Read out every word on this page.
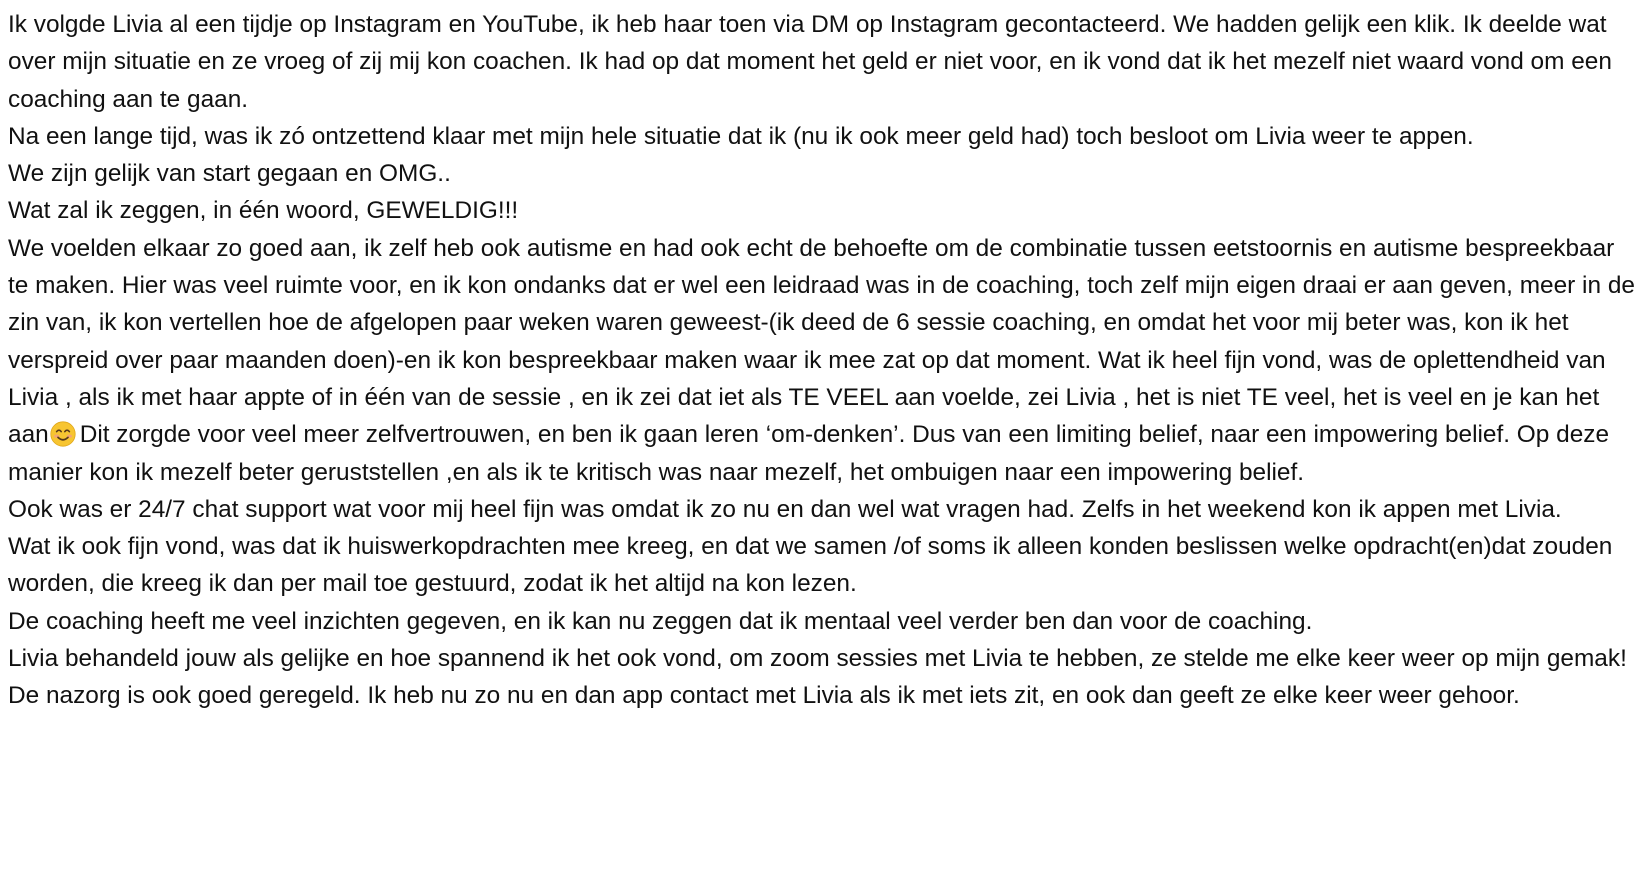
Ik volgde Livia al een tijdje op Instagram en YouTube, ik heb haar toen via DM op Instagram gecontacteerd. We hadden gelijk een klik. Ik deelde wat over mijn situatie en ze vroeg of zij mij kon coachen. Ik had op dat moment het geld er niet voor, en ik vond dat ik het mezelf niet waard vond om een coaching aan te gaan.

Na een lange tijd, was ik zó ontzettend klaar met mijn hele situatie dat ik (nu ik ook meer geld had) toch besloot om Livia weer te appen.

We zijn gelijk van start gegaan en OMG..

Wat zal ik zeggen, in één woord, GEWELDIG!!!

We voelden elkaar zo goed aan, ik zelf heb ook autisme en had ook echt de behoefte om de combinatie tussen eetstoornis en autisme bespreekbaar te maken. Hier was veel ruimte voor, en ik kon ondanks dat er wel een leidraad was in de coaching, toch zelf mijn eigen draai er aan geven, meer in de zin van, ik kon vertellen hoe de afgelopen paar weken waren geweest-(ik deed de 6 sessie coaching, en omdat het voor mij beter was, kon ik het verspreid over paar maanden doen)-en ik kon bespreekbaar maken waar ik mee zat op dat moment. Wat ik heel fijn vond, was de oplettendheid van Livia , als ik met haar appte of in één van de sessie , en ik zei dat iet als TE VEEL aan voelde, zei Livia , het is niet TE veel, het is veel en je kan het aan Dit zorgde voor veel meer zelfvertrouwen, en ben ik gaan leren ‘om-denken’. Dus van een limiting belief, naar een impowering belief. Op deze manier kon ik mezelf beter geruststellen ,en als ik te kritisch was naar mezelf, het ombuigen naar een impowering belief.

Ook was er 24/7 chat support wat voor mij heel fijn was omdat ik zo nu en dan wel wat vragen had. Zelfs in het weekend kon ik appen met Livia.

Wat ik ook fijn vond, was dat ik huiswerkopdrachten mee kreeg, en dat we samen /of soms ik alleen konden beslissen welke opdracht(en)dat zouden worden, die kreeg ik dan per mail toe gestuurd, zodat ik het altijd na kon lezen.

De coaching heeft me veel inzichten gegeven, en ik kan nu zeggen dat ik mentaal veel verder ben dan voor de coaching.

Livia behandeld jouw als gelijke en hoe spannend ik het ook vond, om zoom sessies met Livia te hebben, ze stelde me elke keer weer op mijn gemak!

De nazorg is ook goed geregeld. Ik heb nu zo nu en dan app contact met Livia als ik met iets zit, en ook dan geeft ze elke keer weer gehoor.
